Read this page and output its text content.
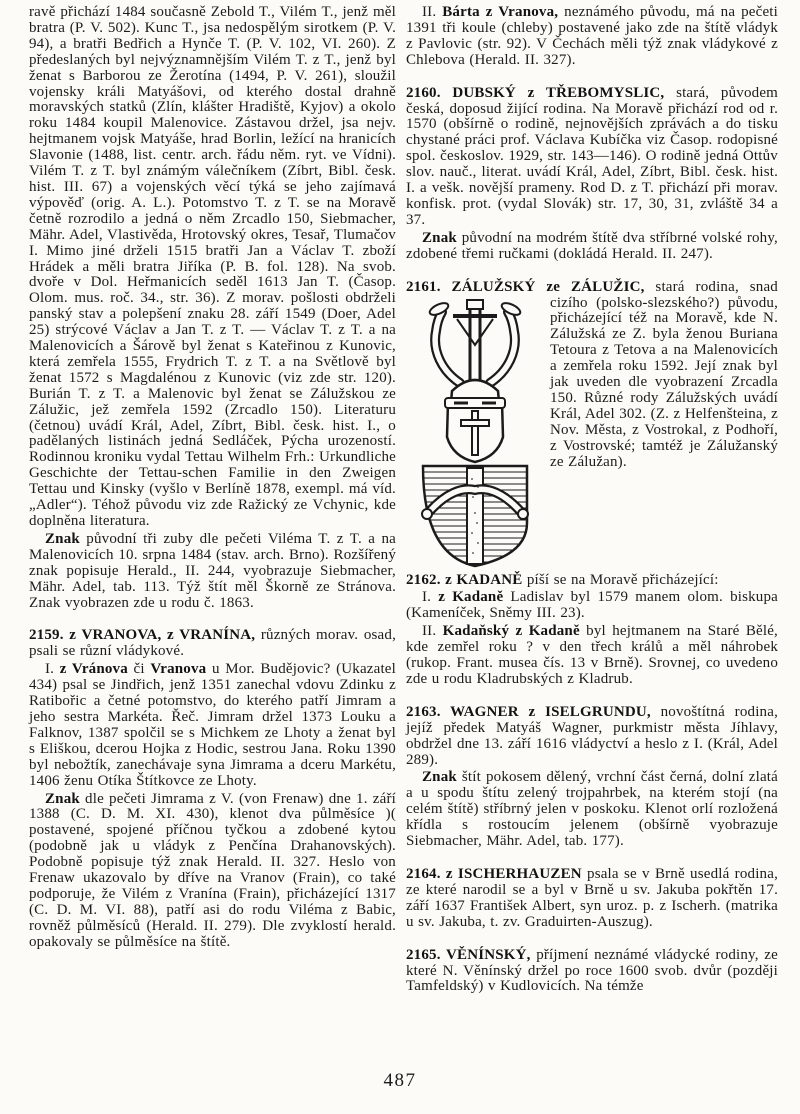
ravě přichází 1484 současně Zebold T., Vilém T., jenž měl bratra (P. V. 502). Kunc T., jsa nedospělým sirotkem (P. V. 94), a bratři Bedřich a Hynče T. (P. V. 102, VI. 260). Z předeslaných byl nejvýznamnějším Vilém T. z T., jenž byl ženat s Barborou ze Žerotína (1494, P. V. 261), sloužil vojensky králi Matyášovi, od kterého dostal drahně moravských statků (Zlín, klášter Hradiště, Kyjov) a okolo roku 1484 koupil Malenovice. Zástavou držel, jsa nejv. hejtmanem vojsk Matyáše, hrad Borlin, ležící na hranicích Slavonie (1488, list. centr. arch. řádu něm. ryt. ve Vídni). Vilém T. z T. byl známým válečníkem (Zíbrt, Bibl. česk. hist. III. 67) a vojenských věcí týká se jeho zajímavá výpověď (orig. A. L.). Potomstvo T. z T. se na Moravě četně rozrodilo a jedná o něm Zrcadlo 150, Siebmacher, Mähr. Adel, Vlastivěda, Hrotovský okres, Tesař, Tlumačov I. Mimo jiné drželi 1515 bratři Jan a Václav T. zboží Hrádek a měli bratra Jiříka (P. B. fol. 128). Na svob. dvoře v Dol. Heřmanicích seděl 1613 Jan T. (Časop. Olom. mus. roč. 34., str. 36). Z morav. pošlosti obdrželi panský stav a polepšení znaku 28. září 1549 (Doer, Adel 25) strýcové Václav a Jan T. z T. — Václav T. z T. a na Malenovicích a Šárově byl ženat s Kateřinou z Kunovic, která zemřela 1555, Frydrich T. z T. a na Světlově byl ženat 1572 s Magdalénou z Kunovic (viz zde str. 120). Burián T. z T. a Malenovic byl ženat se Zálužskou ze Zálužic, jež zemřela 1592 (Zrcadlo 150). Literaturu (četnou) uvádí Král, Adel, Zíbrt, Bibl. česk. hist. I., o padělaných listinách jedná Sedláček, Pýcha urozeností. Rodinnou kroniku vydal Tettau Wilhelm Frh.: Urkundliche Geschichte der Tettau-schen Familie in den Zweigen Tettau und Kinsky (vyšlo v Berlíně 1878, exempl. má víd. „Adler“). Téhož původu viz zde Ražický ze Vchynic, kde doplněna literatura.

Znak původní tři zuby dle pečeti Viléma T. z T. a na Malenovicích 10. srpna 1484 (stav. arch. Brno). Rozšířený znak popisuje Herald., II. 244, vyobrazuje Siebmacher, Mähr. Adel, tab. 113. Týž štít měl Škorně ze Stránova. Znak vyobrazen zde u rodu č. 1863.

2159. z VRANOVA, z VRANÍNA, různých morav. osad, psali se různí vládykové.

I. z Vránova či Vranova u Mor. Budějovic? (Ukazatel 434) psal se Jindřich, jenž 1351 zanechal vdovu Zdinku z Ratibořic a četné potomstvo, do kterého patří Jimram a jeho sestra Markéta. Řeč. Jimram držel 1373 Louku a Falknov, 1387 spolčil se s Michkem ze Lhoty a ženat byl s Eliškou, dcerou Hojka z Hodic, sestrou Jana. Roku 1390 byl nebožtík, zanechávaje syna Jimrama a dceru Markétu, 1406 ženu Otíka Štítkovce ze Lhoty.

Znak dle pečeti Jimrama z V. (von Frenaw) dne 1. září 1388 (C. D. M. XI. 430), klenot dva půlměsíce )( postavené, spojené příčnou tyčkou a zdobené kytou (podobně jak u vládyk z Penčína Drahanovských). Podobně popisuje týž znak Herald. II. 327. Heslo von Frenaw ukazovalo by dříve na Vranov (Frain), co také podporuje, že Vilém z Vranína (Frain), přicházející 1317 (C. D. M. VI. 88), patří asi do rodu Viléma z Babic, rovněž půlměsíců (Herald. II. 279). Dle zvyklostí herald. opakovaly se půlměsíce na štítě.

II. Bárta z Vranova, neznámého původu, má na pečeti 1391 tři koule (chleby) postavené jako zde na štítě vládyk z Pavlovic (str. 92). V Čechách měli týž znak vládykové z Chlebova (Herald. II. 327).

2160. DUBSKÝ z TŘEBOMYSLIC, stará, původem česká, doposud žijící rodina. Na Moravě přichází rod od r. 1570 (obšírně o rodině, nejnovějších zprávách a do tisku chystané práci prof. Václava Kubíčka viz Časop. rodopisné spol. českoslov. 1929, str. 143—146). O rodině jedná Ottův slov. nauč., literat. uvádí Král, Adel, Zíbrt, Bibl. česk. hist. I. a vešk. novější prameny. Rod D. z T. přichází při morav. konfisk. prot. (vydal Slovák) str. 17, 30, 31, zvláště 34 a 37.

Znak původní na modrém štítě dva stříbrné volské rohy, zdobené třemi ručkami (dokládá Herald. II. 247).

2161. ZÁLUŽSKÝ ze ZÁLUŽIC, stará rodina, snad

cizího (polsko-slezského?) původu, přicházející též na Moravě, kde N. Zálužská ze Z. byla ženou Buriana Tetoura z Tetova a na Malenovicích a zemřela roku 1592. Její znak byl jak uveden dle vyobrazení Zrcadla 150. Různé rody Zálužských uvádí Král, Adel 302. (Z. z Helfenšteina, z Nov. Města, z Vostrokal, z Podhoří, z Vostrovské; tamtéž je Zálužanský ze Zálužan).

2162. z KADANĚ píší se na Moravě přicházející:

I. z Kadaně Ladislav byl 1579 manem olom. biskupa (Kameníček, Sněmy III. 23).

II. Kadaňský z Kadaně byl hejtmanem na Staré Bělé, kde zemřel roku ? v den třech králů a měl náhrobek (rukop. Frant. musea čís. 13 v Brně). Srovnej, co uvedeno zde u rodu Kladrubských z Kladrub.

2163. WAGNER z ISELGRUNDU, novoštítná rodina, jejíž předek Matyáš Wagner, purkmistr města Jíhlavy, obdržel dne 13. září 1616 vládyctví a heslo z I. (Král, Adel 289).

Znak štít pokosem dělený, vrchní část černá, dolní zlatá a u spodu štítu zelený trojpahrbek, na kterém stojí (na celém štítě) stříbrný jelen v poskoku. Klenot orlí rozložená křídla s rostoucím jelenem (obšírně vyobrazuje Siebmacher, Mähr. Adel, tab. 177).

2164. z ISCHERHAUZEN psala se v Brně usedlá rodina, ze které narodil se a byl v Brně u sv. Jakuba pokřtěn 17. září 1637 František Albert, syn uroz. p. z Ischerh. (matrika u sv. Jakuba, t. zv. Graduirten-Auszug).

2165. VĚNÍNSKÝ, příjmení neznámé vládycké rodiny, ze které N. Věnínský držel po roce 1600 svob. dvůr (později Tamfeldský) v Kudlovicích. Na témže

487
